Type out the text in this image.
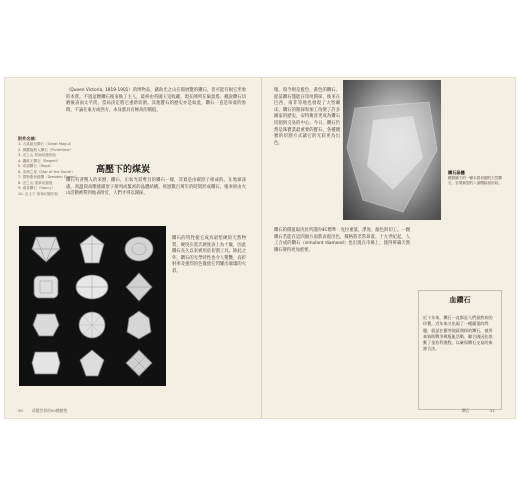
（Queen Victoria, 1819-1901）的博物品，藉助光之山在館展覽的鑽石，但可能有損它形象的本質。不過這顆鑽石後來換了主人，最終由英國王室收藏，現在陳列在倫敦塔。據說鑽石切磨後表面太平淡，當局決定將它重新切割。其他寶石的歷史亦是如此，鑽石一直是珍貴的象徵，不論在東方或西方，本身都具有極高的價值。

附件名稱：
1. 大莫臥兒鑽石（Great Mogul）
2. 佛羅倫斯人鑽石（Florentine）
3. 光之山 原始切割形狀
4. 攝政王鑽石（Regent）
5. 希望鑽石（Hope）
6. 非洲之星（Star of the South）
7. 德勒斯登綠鑽（Dresden Green）
8. 光之山 重新切割後
9. 桑希鑽石（Sancy）
10. 吉士子 原始切割形狀
高壓下的煤炭

鑽石有著驚人的來歷，鑽石，正如光彩奪目的鑽石一樣，其實是由碳原子組成的。在地球深處，高溫與高壓使碳原子排列成緊密的晶體結構，經過數百萬年的時間形成鑽石。後來經由火山活動被帶到地表附近，人們才得以開採。

鑽石的特性使它成為最堅硬的天然物質，硬度在莫氏硬度表上為十級，因此鑽石長久以來被用於切割工具。除此之外，鑽石的光學特性也令人驚艷，高折射率及強烈的色散使它閃耀出璀璨的火彩。

90 改變世界的50種植物

瑰，現今則是藍色、黃色的鑽石。從前鑽石僅能在印度開採，後來在巴西、南非等地也發現了大型礦床。鑽石的開採和加工改變了許多國家的歷史，安特衛普更成為鑽石切割與交易的中心。今日，鑽石仍然是珠寶業最重要的寶石，各種優雅的切割方式讓它的光彩更為出色。

鑽石晶體
顯微鏡下的一顆未經切割的天然鑽石，呈現典型的八面體結晶形狀。

鑽石的價值取決於所謂的4C標準：克拉重量、淨度、顏色與切工。一顆鑽石若能在這四個方面都表現出色，價格將非常昂貴。十九世紀起，人工合成的鑽石（simulant diamond）也出現在市場上，使得辨識天然鑽石變得更加重要。

血鑽石
近十年來，鑽石一直都是人們最熟知的珍寶。近年來又出現了一種嚴重的問題，就是在衝突地區開採的鑽石，被用來資助戰爭與叛亂活動。聯合國因此推動了金伯利進程，以確保鑽石交易的來源合法。
鑽石	91
